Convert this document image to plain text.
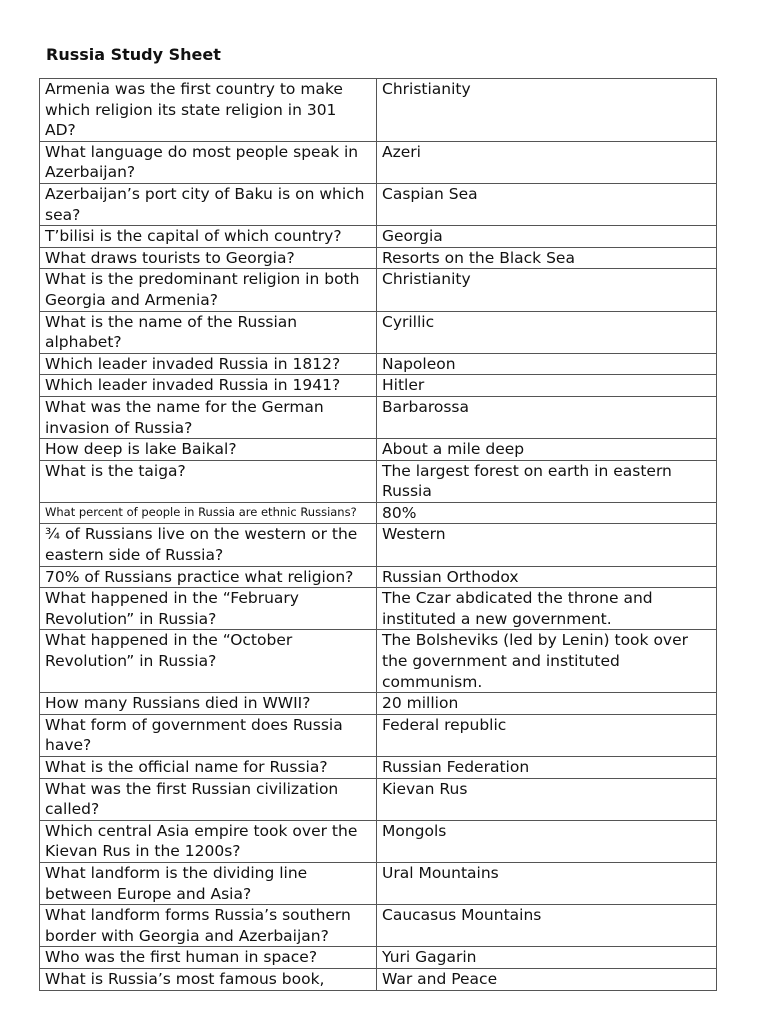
Russia Study Sheet
Armenia was the first country to make which religion its state religion in 301 AD?	Christianity
What language do most people speak in Azerbaijan?	Azeri
Azerbaijan’s port city of Baku is on which sea?	Caspian Sea
T’bilisi is the capital of which country?	Georgia
What draws tourists to Georgia?	Resorts on the Black Sea
What is the predominant religion in both Georgia and Armenia?	Christianity
What is the name of the Russian alphabet?	Cyrillic
Which leader invaded Russia in 1812?	Napoleon
Which leader invaded Russia in 1941?	Hitler
What was the name for the German invasion of Russia?	Barbarossa
How deep is lake Baikal?	About a mile deep
What is the taiga?	The largest forest on earth in eastern Russia
What percent of people in Russia are ethnic Russians?	80%
¾ of Russians live on the western or the eastern side of Russia?	Western
70% of Russians practice what religion?	Russian Orthodox
What happened in the “February Revolution” in Russia?	The Czar abdicated the throne and instituted a new government.
What happened in the “October Revolution” in Russia?	The Bolsheviks (led by Lenin) took over the government and instituted communism.
How many Russians died in WWII?	20 million
What form of government does Russia have?	Federal republic
What is the official name for Russia?	Russian Federation
What was the first Russian civilization called?	Kievan Rus
Which central Asia empire took over the Kievan Rus in the 1200s?	Mongols
What landform is the dividing line between Europe and Asia?	Ural Mountains
What landform forms Russia’s southern border with Georgia and Azerbaijan?	Caucasus Mountains
Who was the first human in space?	Yuri Gagarin
What is Russia’s most famous book,	War and Peace
